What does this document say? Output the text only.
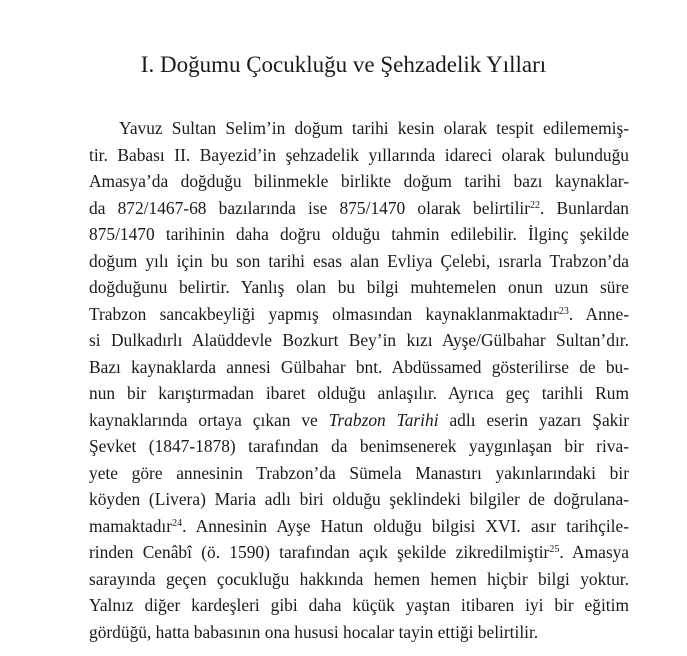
I. Doğumu Çocukluğu ve Şehzadelik Yılları
Yavuz Sultan Selim’in doğum tarihi kesin olarak tespit edilememiş-
tir. Babası II. Bayezid’in şehzadelik yıllarında idareci olarak bulunduğu
Amasya’da doğduğu bilinmekle birlikte doğum tarihi bazı kaynaklar-
da 872/1467-68 bazılarında ise 875/1470 olarak belirtilir$^{22}$. Bunlardan
875/1470 tarihinin daha doğru olduğu tahmin edilebilir. İlginç şekilde
doğum yılı için bu son tarihi esas alan Evliya Çelebi, ısrarla Trabzon’da
doğduğunu belirtir. Yanlış olan bu bilgi muhtemelen onun uzun süre
Trabzon sancakbeyliği yapmış olmasından kaynaklanmaktadır$^{23}$. Anne-
si Dulkadırlı Alaüddevle Bozkurt Bey’in kızı Ayşe/Gülbahar Sultan’dır.
Bazı kaynaklarda annesi Gülbahar bnt. Abdüssamed gösterilirse de bu-
nun bir karıştırmadan ibaret olduğu anlaşılır. Ayrıca geç tarihli Rum
kaynaklarında ortaya çıkan ve Trabzon Tarihi adlı eserin yazarı Şakir
Şevket (1847-1878) tarafından da benimsenerek yaygınlaşan bir riva-
yete göre annesinin Trabzon’da Sümela Manastırı yakınlarındaki bir
köyden (Livera) Maria adlı biri olduğu şeklindeki bilgiler de doğrulana-
mamaktadır$^{24}$. Annesinin Ayşe Hatun olduğu bilgisi XVI. asır tarihçile-
rinden Cenâbî (ö. 1590) tarafından açık şekilde zikredilmiştir$^{25}$. Amasya
sarayında geçen çocukluğu hakkında hemen hemen hiçbir bilgi yoktur.
Yalnız diğer kardeşleri gibi daha küçük yaştan itibaren iyi bir eğitim
gördüğü, hatta babasının ona hususi hocalar tayin ettiği belirtilir.
